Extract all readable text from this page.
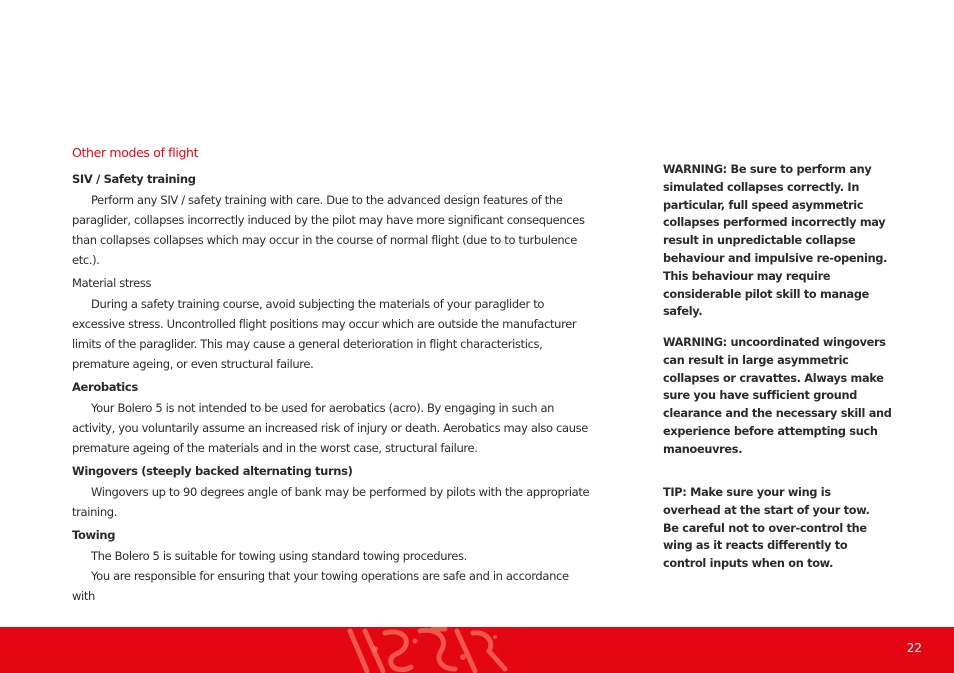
Other modes of flight
SIV / Safety training

Perform any SIV / safety training with care. Due to the advanced design features of the paraglider, collapses incorrectly induced by the pilot may have more significant consequences than collapses collapses which may occur in the course of normal flight (due to to turbulence etc.).

Material stress

During a safety training course, avoid subjecting the materials of your paraglider to excessive stress. Uncontrolled flight positions may occur which are outside the manufacturer limits of the paraglider. This may cause a general deterioration in flight characteristics, premature ageing, or even structural failure.

Aerobatics

Your Bolero 5 is not intended to be used for aerobatics (acro). By engaging in such an activity, you voluntarily assume an increased risk of injury or death. Aerobatics may also cause premature ageing of the materials and in the worst case, structural failure.

Wingovers (steeply backed alternating turns)

Wingovers up to 90 degrees angle of bank may be performed by pilots with the appropriate training.

Towing

The Bolero 5 is suitable for towing using standard towing procedures.

You are responsible for ensuring that your towing operations are safe and in accordance with

WARNING: Be sure to perform any simulated collapses correctly. In particular, full speed asymmetric collapses performed incorrectly may result in unpredictable collapse behaviour and impulsive re-opening. This behaviour may require considerable pilot skill to manage safely.

WARNING: uncoordinated wingovers can result in large asymmetric collapses or cravattes. Always make sure you have sufficient ground clearance and the necessary skill and experience before attempting such manoeuvres.

TIP: Make sure your wing is overhead at the start of your tow. Be careful not to over-control the wing as it reacts differently to control inputs when on tow.

22
